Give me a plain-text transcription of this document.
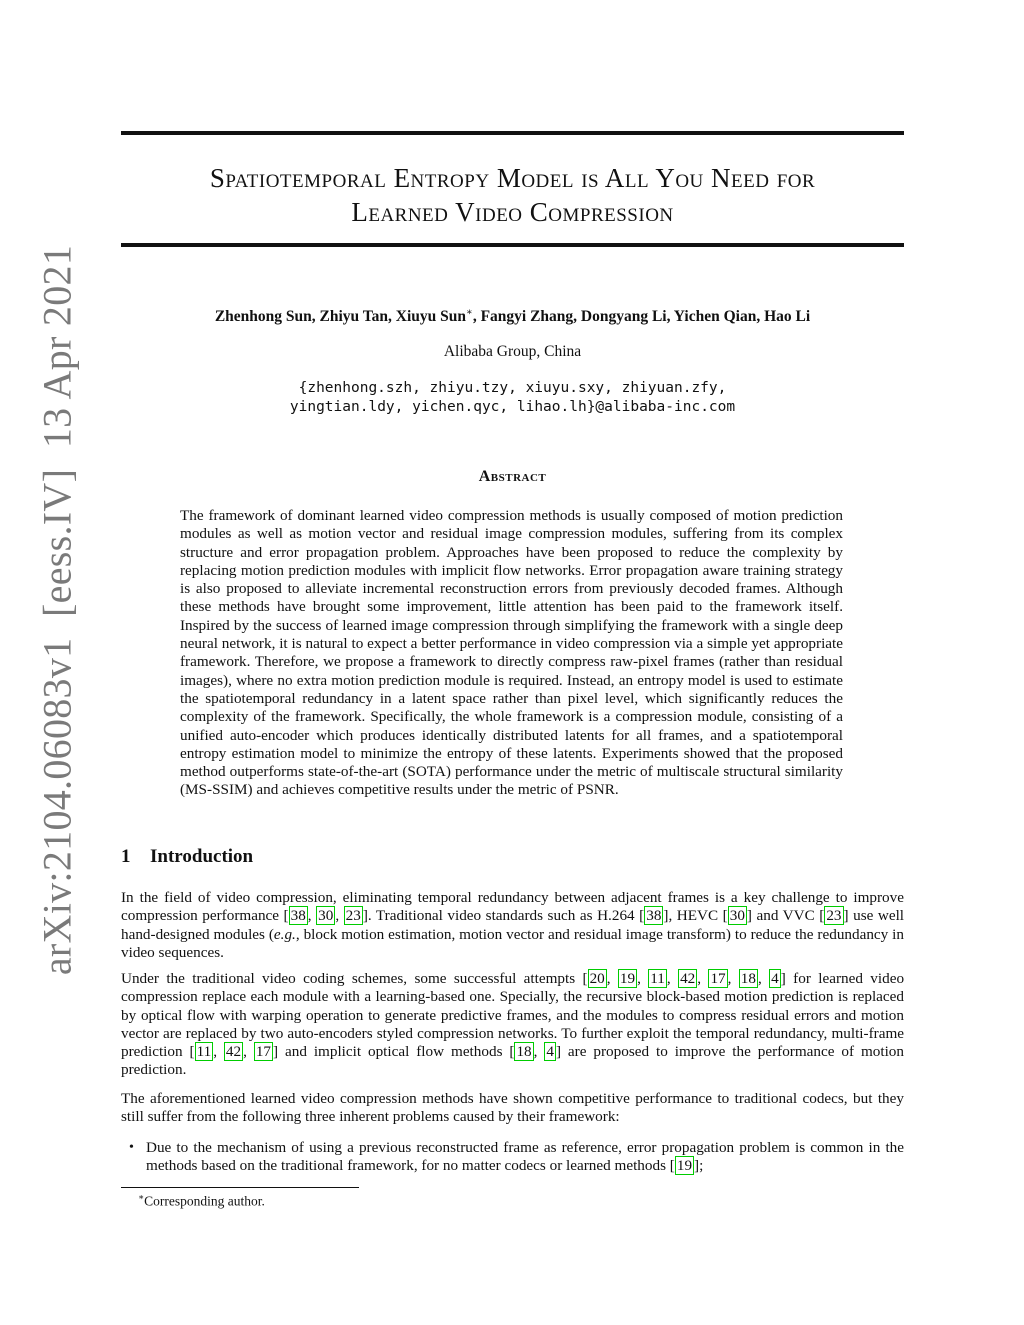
arXiv:2104.06083v1  [eess.IV]  13 Apr 2021
Spatiotemporal Entropy Model is All You Need for
Learned Video Compression
Zhenhong Sun, Zhiyu Tan, Xiuyu Sun∗, Fangyi Zhang, Dongyang Li, Yichen Qian, Hao Li
Alibaba Group, China
{zhenhong.szh, zhiyu.tzy, xiuyu.sxy, zhiyuan.zfy,
yingtian.ldy, yichen.qyc, lihao.lh}@alibaba-inc.com
Abstract

The framework of dominant learned video compression methods is usually composed of motion prediction modules as well as motion vector and residual image compression modules, suffering from its complex structure and error propagation problem. Approaches have been proposed to reduce the complexity by replacing motion prediction modules with implicit flow networks. Error propagation aware training strategy is also proposed to alleviate incremental reconstruction errors from previously decoded frames. Although these methods have brought some improvement, little attention has been paid to the framework itself. Inspired by the success of learned image compression through simplifying the framework with a single deep neural network, it is natural to expect a better performance in video compression via a simple yet appropriate framework. Therefore, we propose a framework to directly compress raw-pixel frames (rather than residual images), where no extra motion prediction module is required. Instead, an entropy model is used to estimate the spatiotemporal redundancy in a latent space rather than pixel level, which significantly reduces the complexity of the framework. Specifically, the whole framework is a compression module, consisting of a unified auto-encoder which produces identically distributed latents for all frames, and a spatiotemporal entropy estimation model to minimize the entropy of these latents. Experiments showed that the proposed method outperforms state-of-the-art (SOTA) performance under the metric of multiscale structural similarity (MS-SSIM) and achieves competitive results under the metric of PSNR.

1 Introduction

In the field of video compression, eliminating temporal redundancy between adjacent frames is a key challenge to improve compression performance [ 38 , 30 , 23 ]. Traditional video standards such as H.264 [ 38 ], HEVC [ 30 ] and VVC [ 23 ] use well hand-designed modules (e.g., block motion estimation, motion vector and residual image transform) to reduce the redundancy in video sequences.

Under the traditional video coding schemes, some successful attempts [ 20 , 19 , 11 , 42 , 17 , 18 , 4 ] for learned video compression replace each module with a learning-based one. Specially, the recursive block-based motion prediction is replaced by optical flow with warping operation to generate predictive frames, and the modules to compress residual errors and motion vector are replaced by two auto-encoders styled compression networks. To further exploit the temporal redundancy, multi-frame prediction [ 11 , 42 , 17 ] and implicit optical flow methods [ 18 , 4 ] are proposed to improve the performance of motion prediction.

The aforementioned learned video compression methods have shown competitive performance to traditional codecs, but they still suffer from the following three inherent problems caused by their framework:

• Due to the mechanism of using a previous reconstructed frame as reference, error propagation problem is common in the methods based on the traditional framework, for no matter codecs or learned methods [ 19 ];

∗Corresponding author.
